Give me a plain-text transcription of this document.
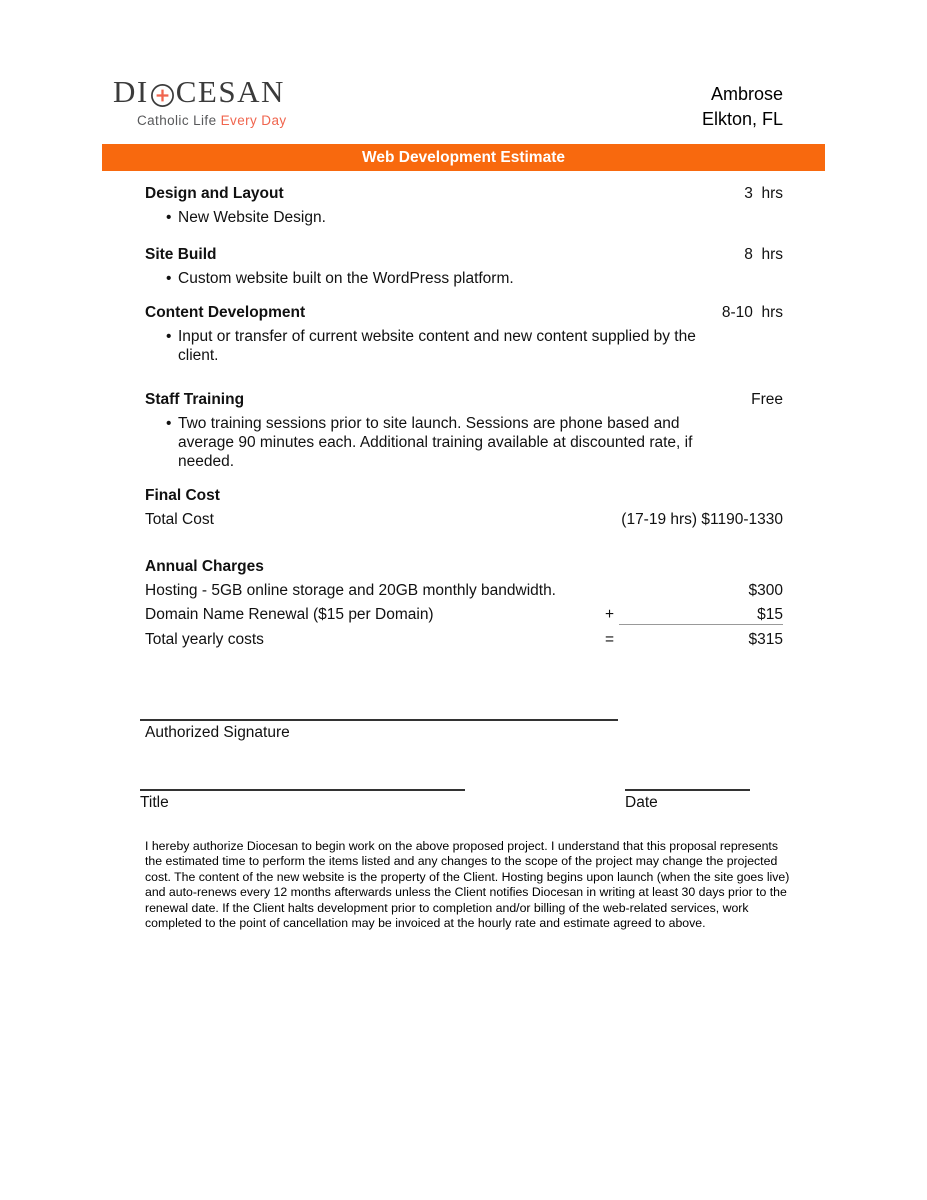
DI CESAN
Catholic Life Every Day
Ambrose
Elkton, FL
Web Development Estimate
Design and Layout	3  hrs
• New Website Design.
Site Build	8  hrs
• Custom website built on the WordPress platform.
Content Development	8-10  hrs
• Input or transfer of current website content and new content supplied by the client.
Staff Training	Free
• Two training sessions prior to site launch. Sessions are phone based and average 90 minutes each. Additional training available at discounted rate, if needed.
Final Cost
Total Cost	(17-19 hrs) $1190-1330
Annual Charges
Hosting - 5GB online storage and 20GB monthly bandwidth.	$300
Domain Name Renewal ($15 per Domain)	+	$15
Total yearly costs	=	$315
Authorized Signature
Title	Date
I hereby authorize Diocesan to begin work on the above proposed project. I understand that this proposal represents the estimated time to perform the items listed and any changes to the scope of the project may change the projected cost. The content of the new website is the property of the Client. Hosting begins upon launch (when the site goes live) and auto-renews every 12 months afterwards unless the Client notifies Diocesan in writing at least 30 days prior to the renewal date. If the Client halts development prior to completion and/or billing of the web-related services, work completed to the point of cancellation may be invoiced at the hourly rate and estimate agreed to above.
